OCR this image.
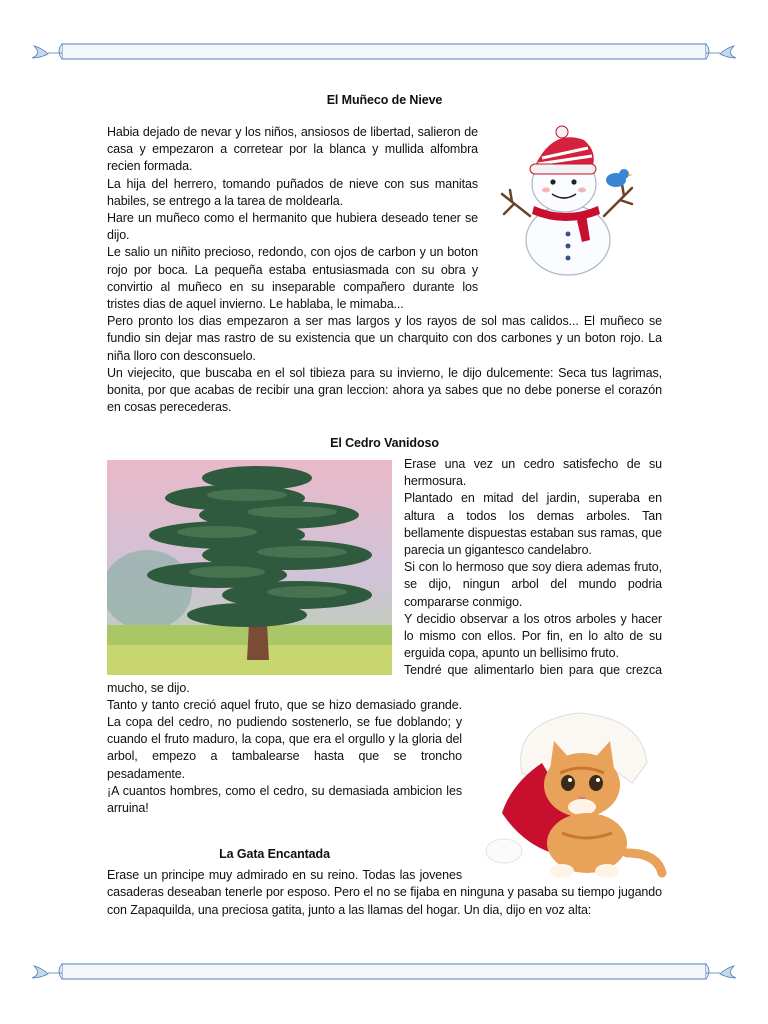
El Muñeco de Nieve

Habia dejado de nevar y los niños, ansiosos de libertad, salieron de casa y empezaron a corretear por la blanca y mullida alfombra recien formada.

La hija del herrero, tomando puñados de nieve con sus manitas habiles, se entrego a la tarea de moldearla.

Hare un muñeco como el hermanito que hubiera deseado tener se dijo.

Le salio un niñito precioso, redondo, con ojos de carbon y un boton rojo por boca. La pequeña estaba entusiasmada con su obra y convirtio al muñeco en su inseparable compañero durante los tristes dias de aquel invierno. Le hablaba, le mimaba...

Pero pronto los dias empezaron a ser mas largos y los rayos de sol mas calidos... El muñeco se fundio sin dejar mas rastro de su existencia que un charquito con dos carbones y un boton rojo. La niña lloro con desconsuelo.

Un viejecito, que buscaba en el sol tibieza para su invierno, le dijo dulcemente: Seca tus lagrimas, bonita, por que acabas de recibir una gran leccion: ahora ya sabes que no debe ponerse el corazón en cosas perecederas.

El Cedro Vanidoso

Erase una vez un cedro satisfecho de su hermosura.

Plantado en mitad del jardin, superaba en altura a todos los demas arboles. Tan bellamente dispuestas estaban sus ramas, que parecia un gigantesco candelabro.

Si con lo hermoso que soy diera ademas fruto, se dijo, ningun arbol del mundo podria compararse conmigo.

Y decidio observar a los otros arboles y hacer lo mismo con ellos. Por fin, en lo alto de su erguida copa, apunto un bellisimo fruto.

Tendré que alimentarlo bien para que crezca mucho, se dijo.

Tanto y tanto creció aquel fruto, que se hizo demasiado grande. La copa del cedro, no pudiendo sostenerlo, se fue doblando; y cuando el fruto maduro, la copa, que era el orgullo y la gloria del arbol, empezo a tambalearse hasta que se troncho pesadamente.

¡A cuantos hombres, como el cedro, su demasiada ambicion les arruina!

La Gata Encantada

Erase un principe muy admirado en su reino. Todas las jovenes casaderas deseaban tenerle por esposo. Pero el no se fijaba en ninguna y pasaba su tiempo jugando con Zapaquilda, una preciosa gatita, junto a las llamas del hogar. Un dia, dijo en voz alta:
